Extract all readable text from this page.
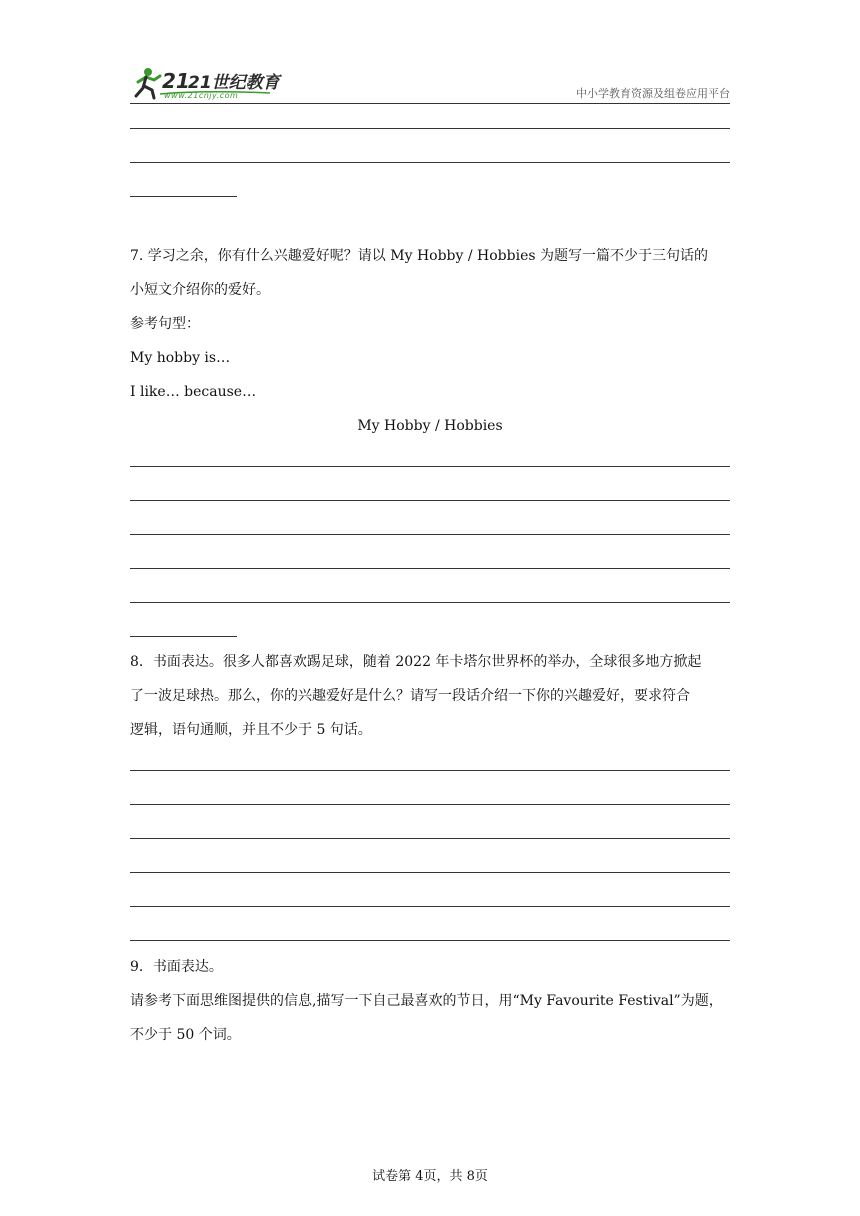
21
21世纪教育
www.21cnjy.com	中小学教育资源及组卷应用平台
7. 学习之余，你有什么兴趣爱好呢？请以 My Hobby / Hobbies 为题写一篇不少于三句话的
小短文介绍你的爱好。
参考句型：
My hobby is…
I like… because…
My Hobby / Hobbies
8．书面表达。很多人都喜欢踢足球，随着 2022 年卡塔尔世界杯的举办，全球很多地方掀起
了一波足球热。那么，你的兴趣爱好是什么？请写一段话介绍一下你的兴趣爱好，要求符合
逻辑，语句通顺，并且不少于 5 句话。
9．书面表达。
请参考下面思维图提供的信息,描写一下自己最喜欢的节日，用“My Favourite Festival”为题，
不少于 50 个词。
试卷第 4页，共 8页
